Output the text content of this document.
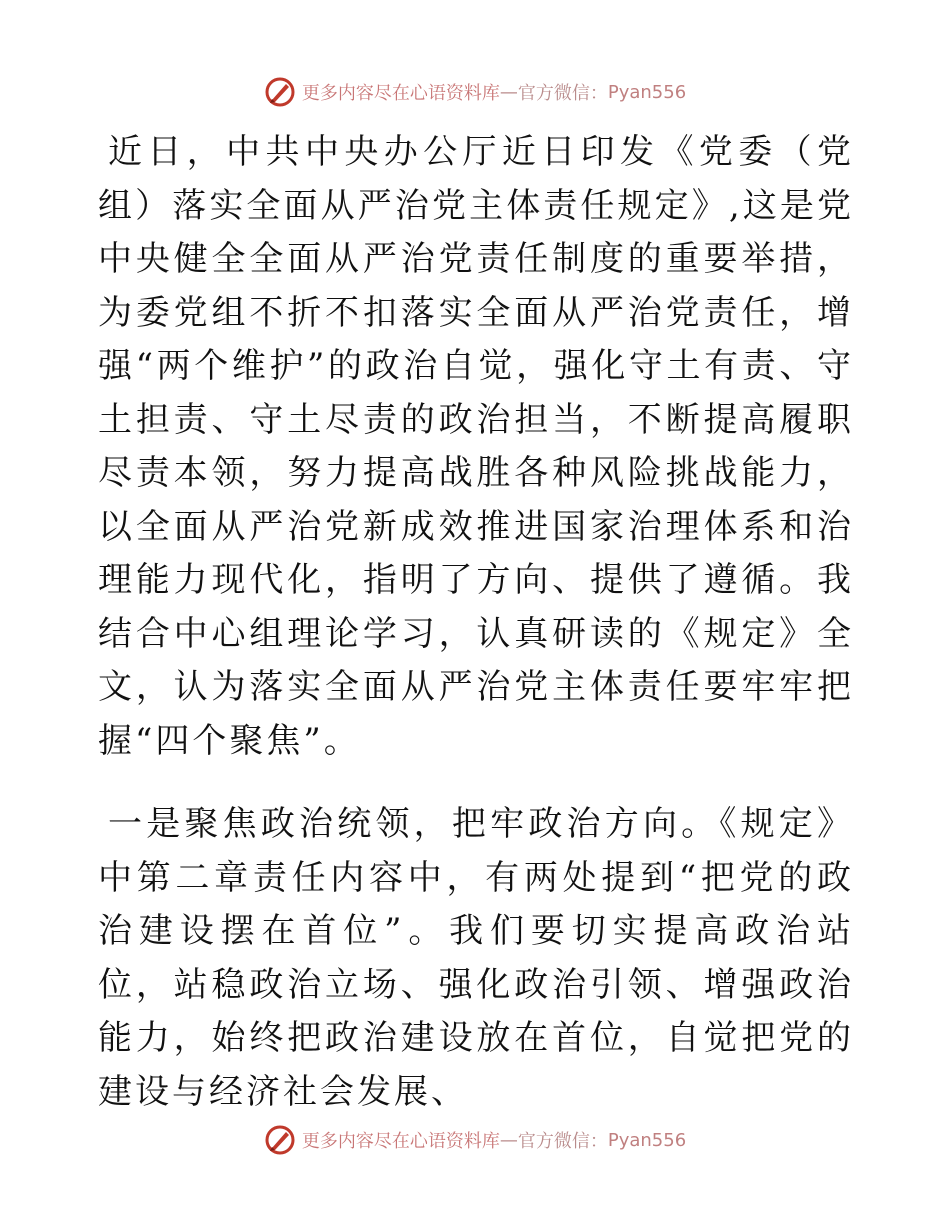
更多内容尽在心语资料库 — 官方微信： Pyan556

近日，中共中央办公厅近日印发《党委（党组）落实全面从严治党主体责任规定》,这是党中央健全全面从严治党责任制度的重要举措，为委党组不折不扣落实全面从严治党责任，增强“两个维护”的政治自觉，强化守土有责、守土担责、守土尽责的政治担当，不断提高履职尽责本领，努力提高战胜各种风险挑战能力，以全面从严治党新成效推进国家治理体系和治理能力现代化，指明了方向、提供了遵循。我结合中心组理论学习，认真研读的《规定》全文，认为落实全面从严治党主体责任要牢牢把握“四个聚焦”。

一是聚焦政治统领，把牢政治方向。《规定》中第二章责任内容中，有两处提到“把党的政治建设摆在首位”。我们要切实提高政治站位，站稳政治立场、强化政治引领、增强政治能力，始终把政治建设放在首位，自觉把党的建设与经济社会发展、

更多内容尽在心语资料库 — 官方微信： Pyan556
